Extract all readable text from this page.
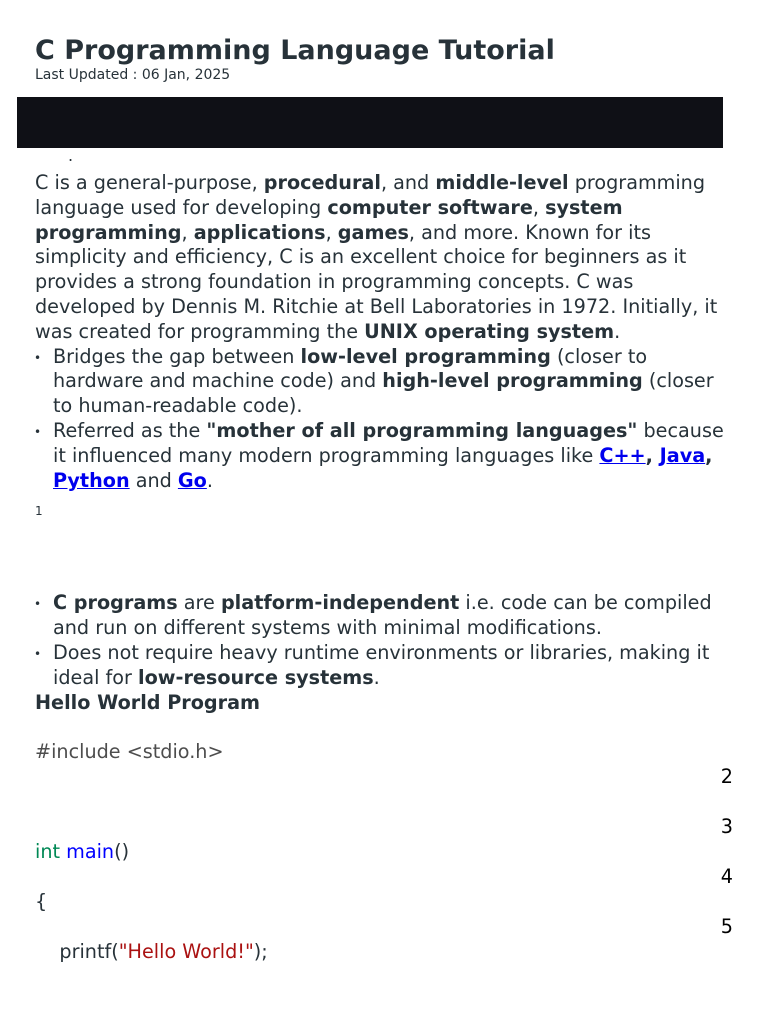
C Programming Language Tutorial
Last Updated : 06 Jan, 2025
.

C is a general-purpose, procedural, and middle-level programming language used for developing computer software, system programming, applications, games, and more. Known for its simplicity and efficiency, C is an excellent choice for beginners as it provides a strong foundation in programming concepts. C was developed by Dennis M. Ritchie at Bell Laboratories in 1972. Initially, it was created for programming the UNIX operating system.

• Bridges the gap between low-level programming (closer to hardware and machine code) and high-level programming (closer to human-readable code).
• Referred as the "mother of all programming languages" because it influenced many modern programming languages like C++, Java, Python and Go.
1
• C programs are platform-independent i.e. code can be compiled and run on different systems with minimal modifications.
• Does not require heavy runtime environments or libraries, making it ideal for low-resource systems.

Hello World Program

#include <stdio.h>
2
3
int main()
4
{
5
printf("Hello World!");
